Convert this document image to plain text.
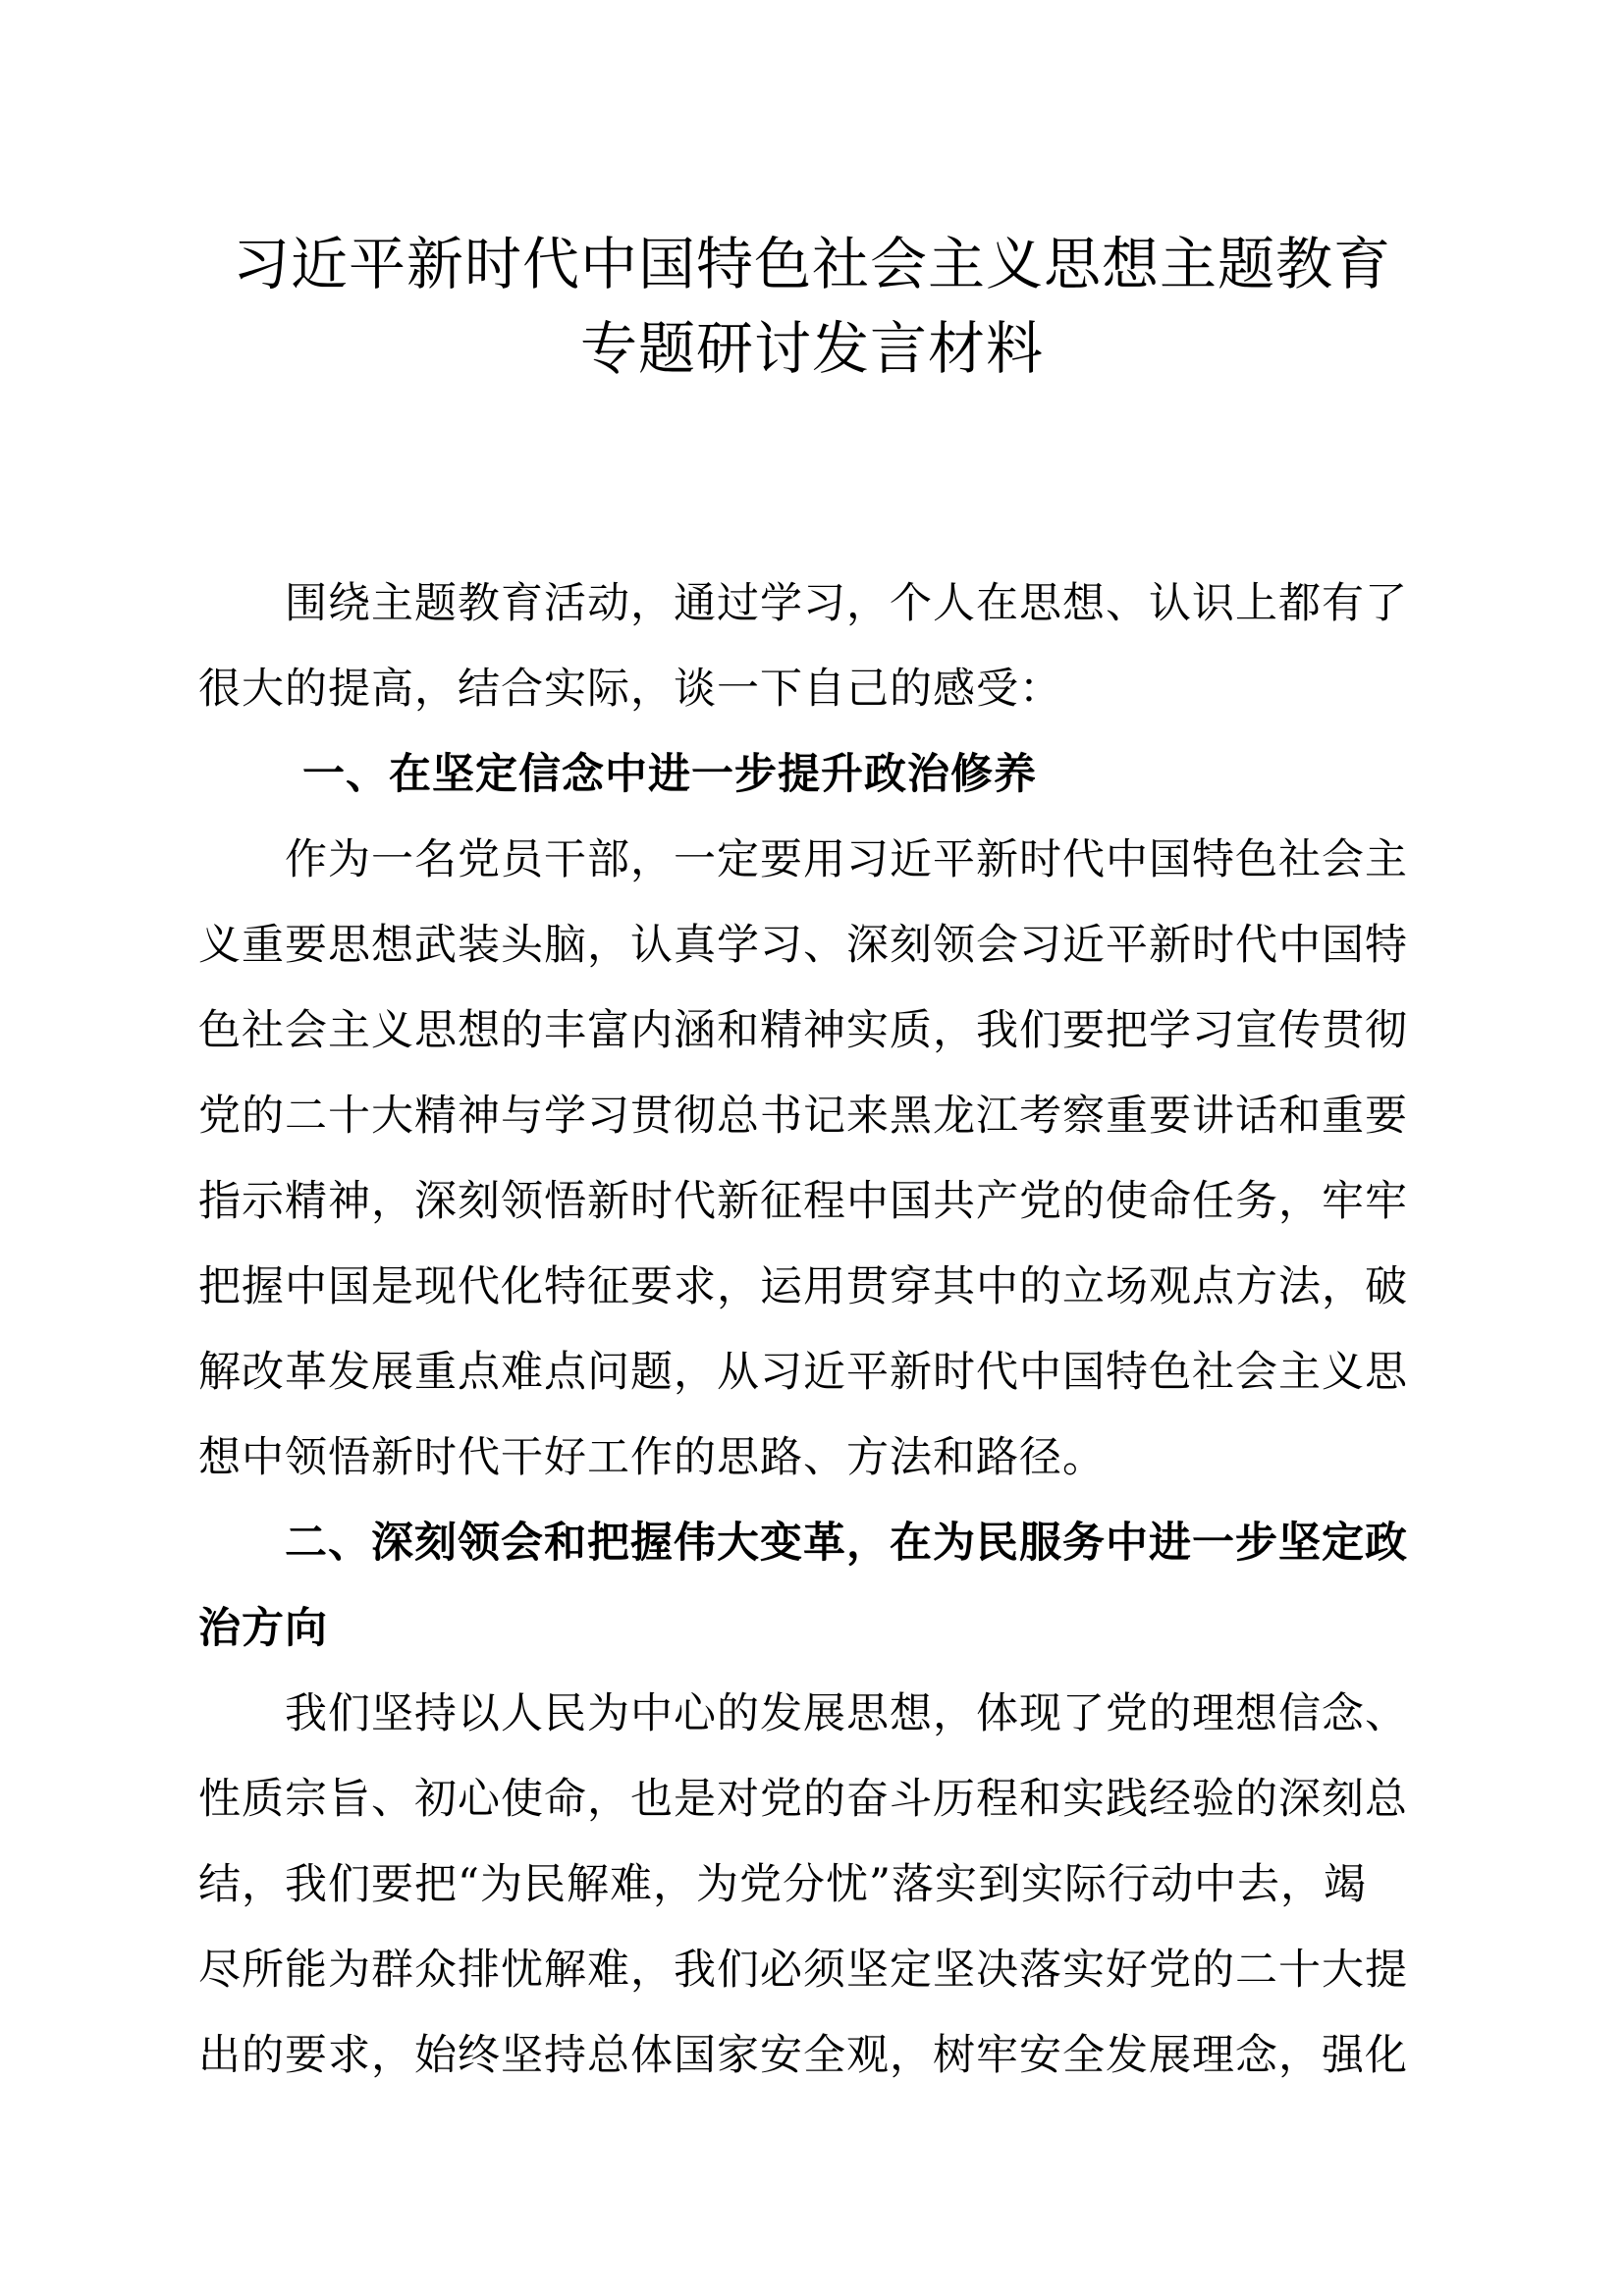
习近平新时代中国特色社会主义思想主题教育
专题研讨发言材料
围绕主题教育活动，通过学习，个人在思想、认识上都有了
很大的提高，结合实际，谈一下自己的感受：
一、在坚定信念中进一步提升政治修养
作为一名党员干部，一定要用习近平新时代中国特色社会主
义重要思想武装头脑，认真学习、深刻领会习近平新时代中国特
色社会主义思想的丰富内涵和精神实质，我们要把学习宣传贯彻
党的二十大精神与学习贯彻总书记来黑龙江考察重要讲话和重要
指示精神，深刻领悟新时代新征程中国共产党的使命任务，牢牢
把握中国是现代化特征要求，运用贯穿其中的立场观点方法，破
解改革发展重点难点问题，从习近平新时代中国特色社会主义思
想中领悟新时代干好工作的思路、方法和路径。
二、深刻领会和把握伟大变革，在为民服务中进一步坚定政
治方向
我们坚持以人民为中心的发展思想，体现了党的理想信念、
性质宗旨、初心使命，也是对党的奋斗历程和实践经验的深刻总
结，我们要把“为民解难，为党分忧”落实到实际行动中去，竭
尽所能为群众排忧解难，我们必须坚定坚决落实好党的二十大提
出的要求，始终坚持总体国家安全观，树牢安全发展理念，强化
